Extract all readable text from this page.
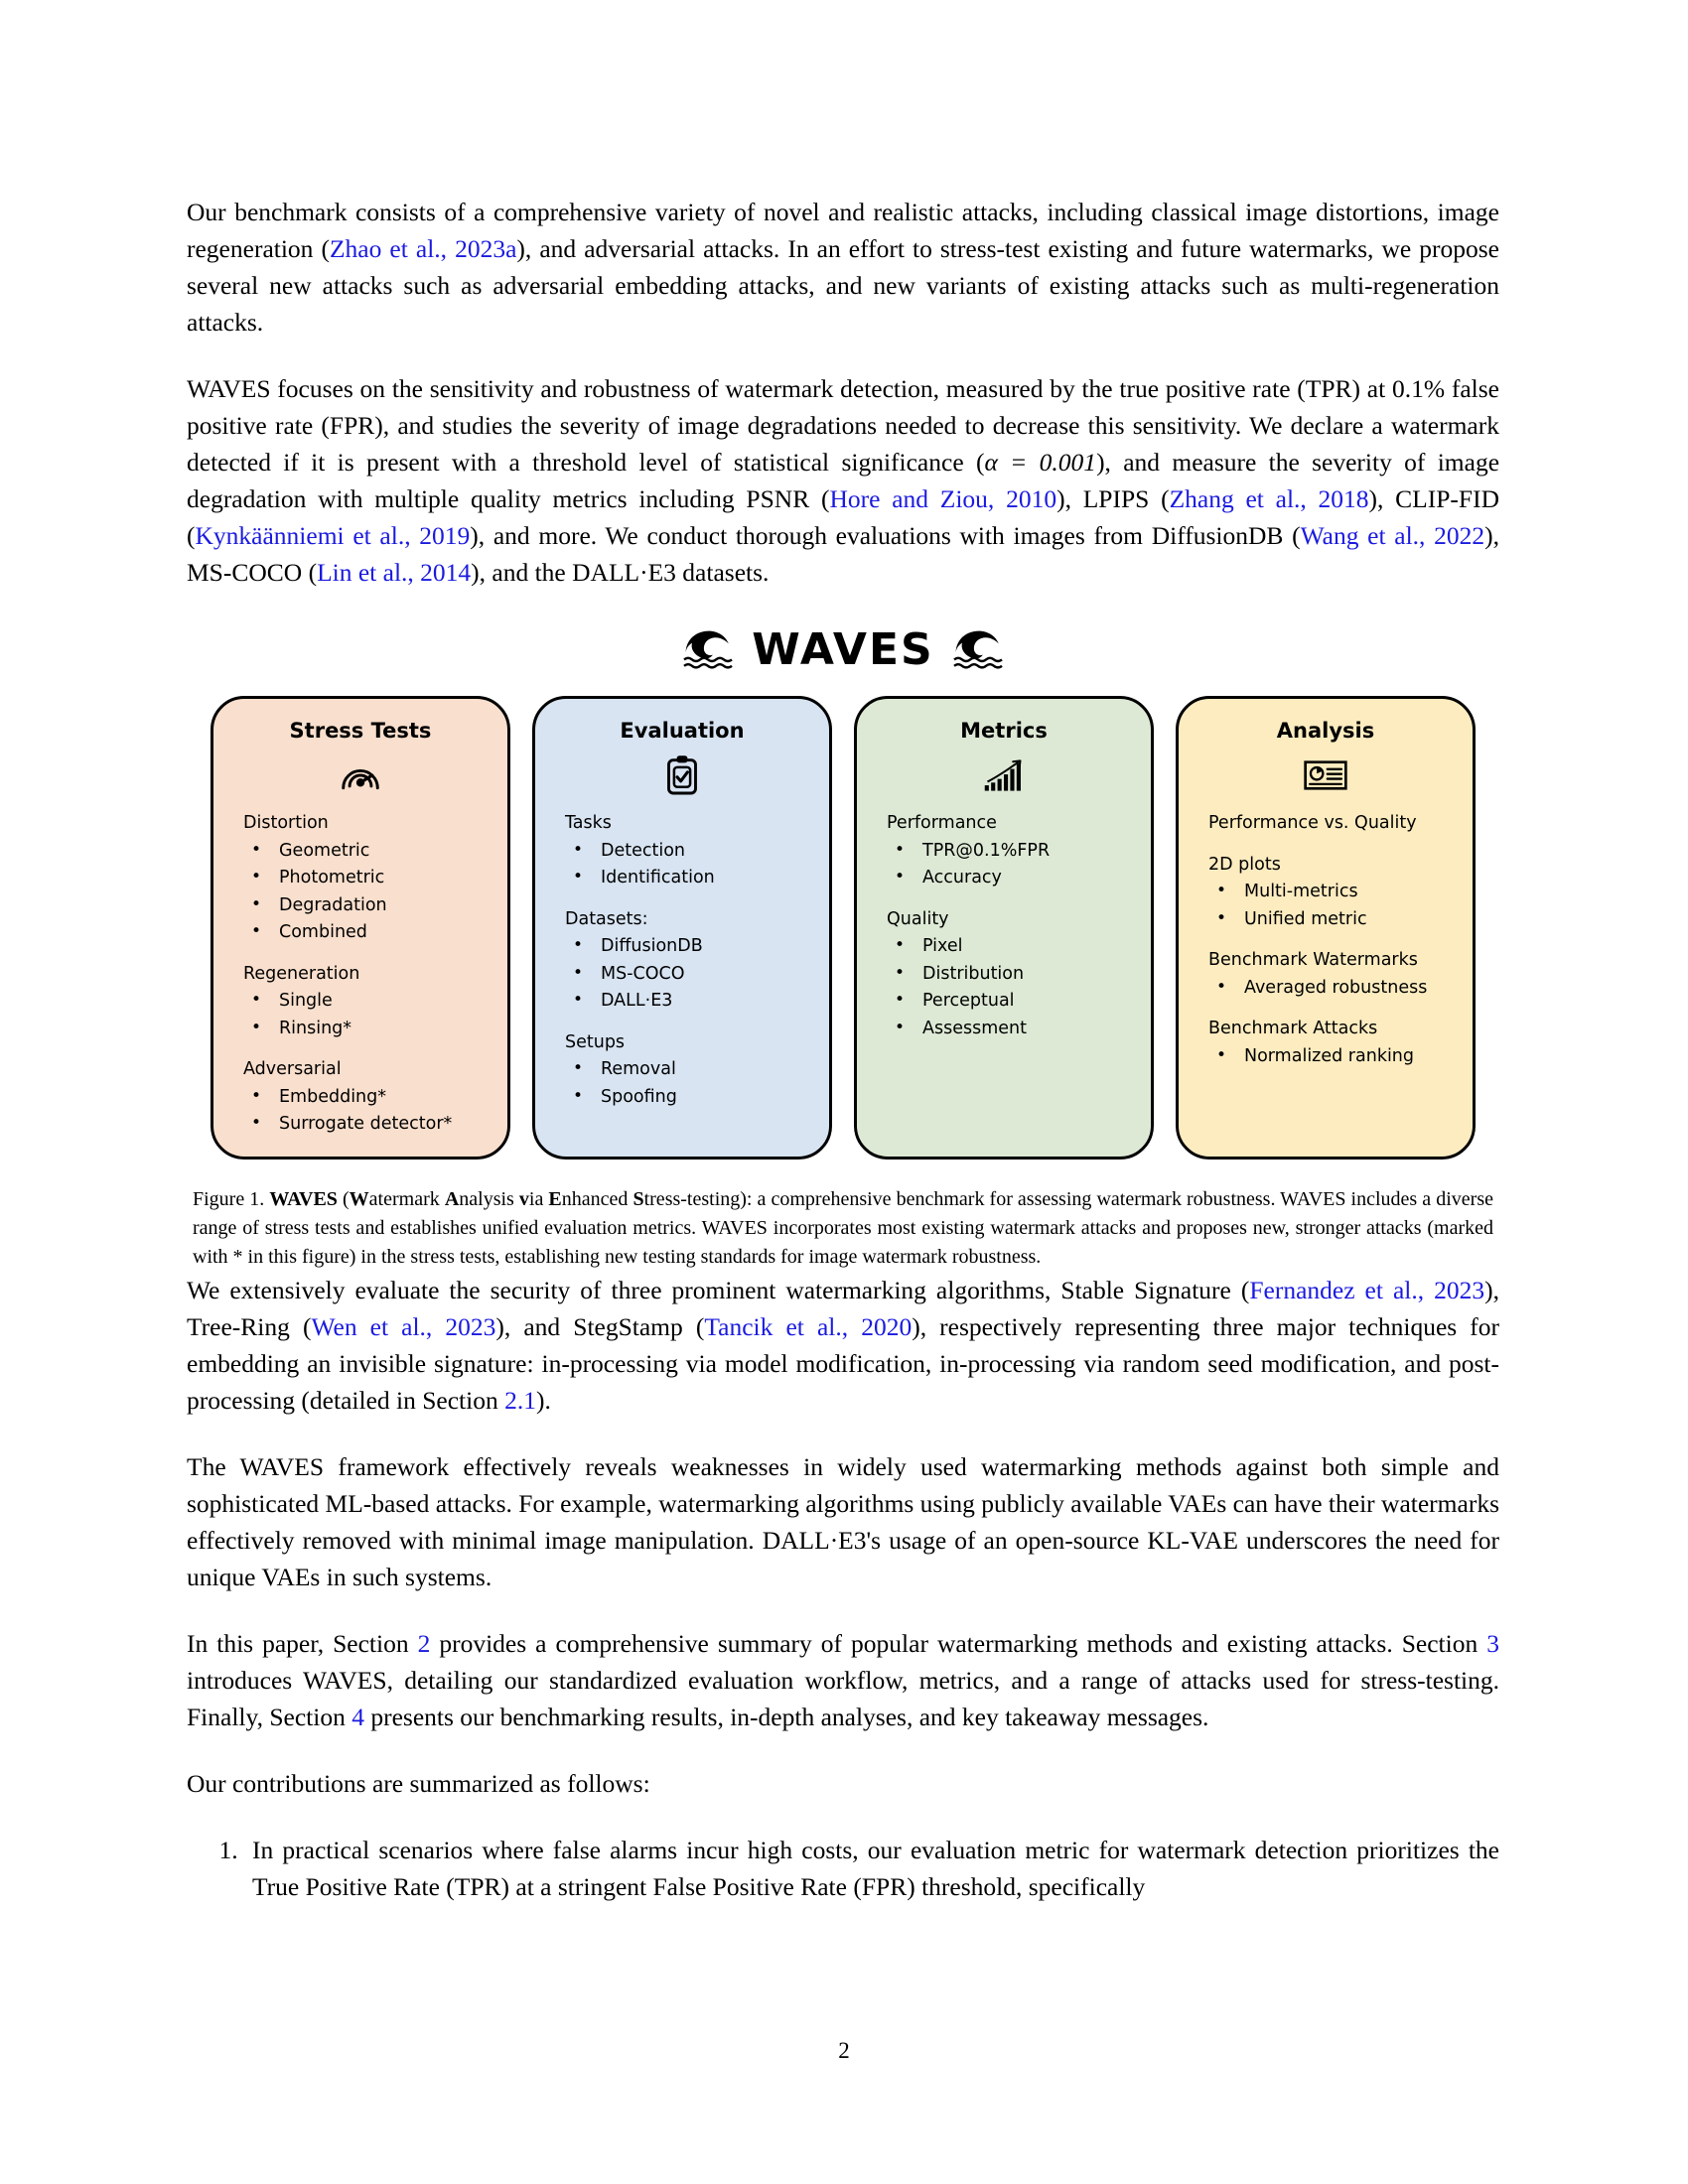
Our benchmark consists of a comprehensive variety of novel and realistic attacks, including classical image distortions, image regeneration (Zhao et al., 2023a), and adversarial attacks. In an effort to stress-test existing and future watermarks, we propose several new attacks such as adversarial embedding attacks, and new variants of existing attacks such as multi-regeneration attacks.

WAVES focuses on the sensitivity and robustness of watermark detection, measured by the true positive rate (TPR) at 0.1% false positive rate (FPR), and studies the severity of image degradations needed to decrease this sensitivity. We declare a watermark detected if it is present with a threshold level of statistical significance (α = 0.001), and measure the severity of image degradation with multiple quality metrics including PSNR (Hore and Ziou, 2010), LPIPS (Zhang et al., 2018), CLIP-FID (Kynkäänniemi et al., 2019), and more. We conduct thorough evaluations with images from DiffusionDB (Wang et al., 2022), MS-COCO (Lin et al., 2014), and the DALL·E3 datasets.

WAVES
Stress Tests
Distortion
• Geometric
• Photometric
• Degradation
• Combined
Regeneration
• Single
• Rinsing*
Adversarial
• Embedding*
• Surrogate detector*
Evaluation
Tasks
• Detection
• Identification
Datasets:
• DiffusionDB
• MS-COCO
• DALL·E3
Setups
• Removal
• Spoofing
Metrics
Performance
• TPR@0.1%FPR
• Accuracy
Quality
• Pixel
• Distribution
• Perceptual
• Assessment
Analysis
Performance vs. Quality
2D plots
• Multi-metrics
• Unified metric
Benchmark Watermarks
• Averaged robustness
Benchmark Attacks
• Normalized ranking
Figure 1. WAVES (Watermark Analysis via Enhanced Stress-testing): a comprehensive benchmark for assessing watermark robustness. WAVES includes a diverse range of stress tests and establishes unified evaluation metrics. WAVES incorporates most existing watermark attacks and proposes new, stronger attacks (marked with * in this figure) in the stress tests, establishing new testing standards for image watermark robustness.

We extensively evaluate the security of three prominent watermarking algorithms, Stable Signature (Fernandez et al., 2023), Tree-Ring (Wen et al., 2023), and StegStamp (Tancik et al., 2020), respectively representing three major techniques for embedding an invisible signature: in-processing via model modification, in-processing via random seed modification, and post-processing (detailed in Section 2.1).

The WAVES framework effectively reveals weaknesses in widely used watermarking methods against both simple and sophisticated ML-based attacks. For example, watermarking algorithms using publicly available VAEs can have their watermarks effectively removed with minimal image manipulation. DALL·E3's usage of an open-source KL-VAE underscores the need for unique VAEs in such systems.

In this paper, Section 2 provides a comprehensive summary of popular watermarking methods and existing attacks. Section 3 introduces WAVES, detailing our standardized evaluation workflow, metrics, and a range of attacks used for stress-testing. Finally, Section 4 presents our benchmarking results, in-depth analyses, and key takeaway messages.

Our contributions are summarized as follows:

1. In practical scenarios where false alarms incur high costs, our evaluation metric for watermark detection prioritizes the True Positive Rate (TPR) at a stringent False Positive Rate (FPR) threshold, specifically
2
